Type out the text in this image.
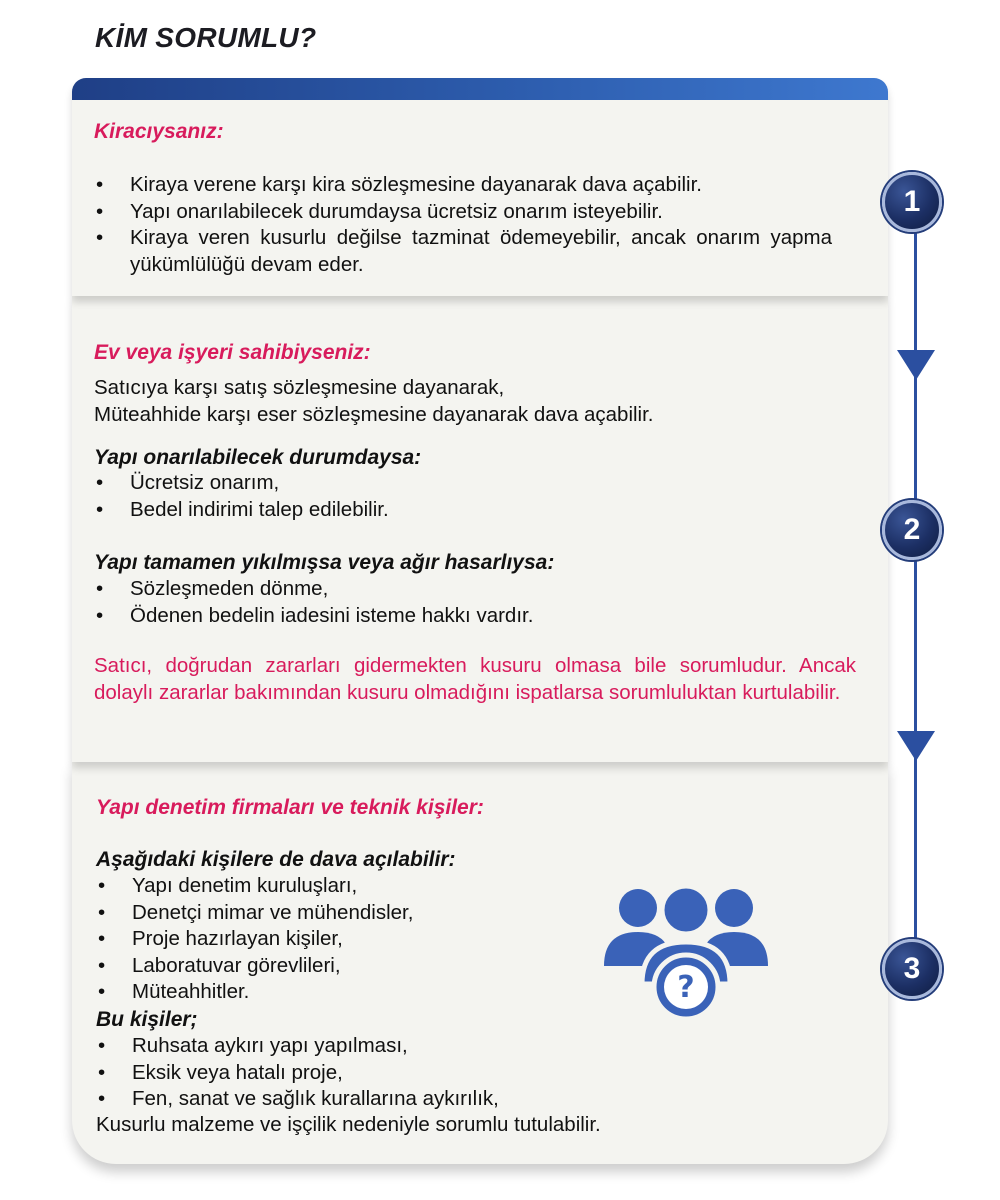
KİM SORUMLU?
1
2
3
Kiracıysanız:
• Kiraya verene karşı kira sözleşmesine dayanarak dava açabilir.
• Yapı onarılabilecek durumdaysa ücretsiz onarım isteyebilir.
• Kiraya veren kusurlu değilse tazminat ödemeyebilir, ancak onarım yapma yükümlülüğü devam eder.
Ev veya işyeri sahibiyseniz:
Satıcıya karşı satış sözleşmesine dayanarak,
Müteahhide karşı eser sözleşmesine dayanarak dava açabilir.
Yapı onarılabilecek durumdaysa:
• Ücretsiz onarım,
• Bedel indirimi talep edilebilir.
Yapı tamamen yıkılmışsa veya ağır hasarlıysa:
• Sözleşmeden dönme,
• Ödenen bedelin iadesini isteme hakkı vardır.
Satıcı, doğrudan zararları gidermekten kusuru olmasa bile sorumludur. Ancak dolaylı zararlar bakımından kusuru olmadığını ispatlarsa sorumluluktan kurtulabilir.
Yapı denetim firmaları ve teknik kişiler:
Aşağıdaki kişilere de dava açılabilir:
• Yapı denetim kuruluşları,
• Denetçi mimar ve mühendisler,
• Proje hazırlayan kişiler,
• Laboratuvar görevlileri,
• Müteahhitler.
Bu kişiler;
• Ruhsata aykırı yapı yapılması,
• Eksik veya hatalı proje,
• Fen, sanat ve sağlık kurallarına aykırılık,
Kusurlu malzeme ve işçilik nedeniyle sorumlu tutulabilir.
?
